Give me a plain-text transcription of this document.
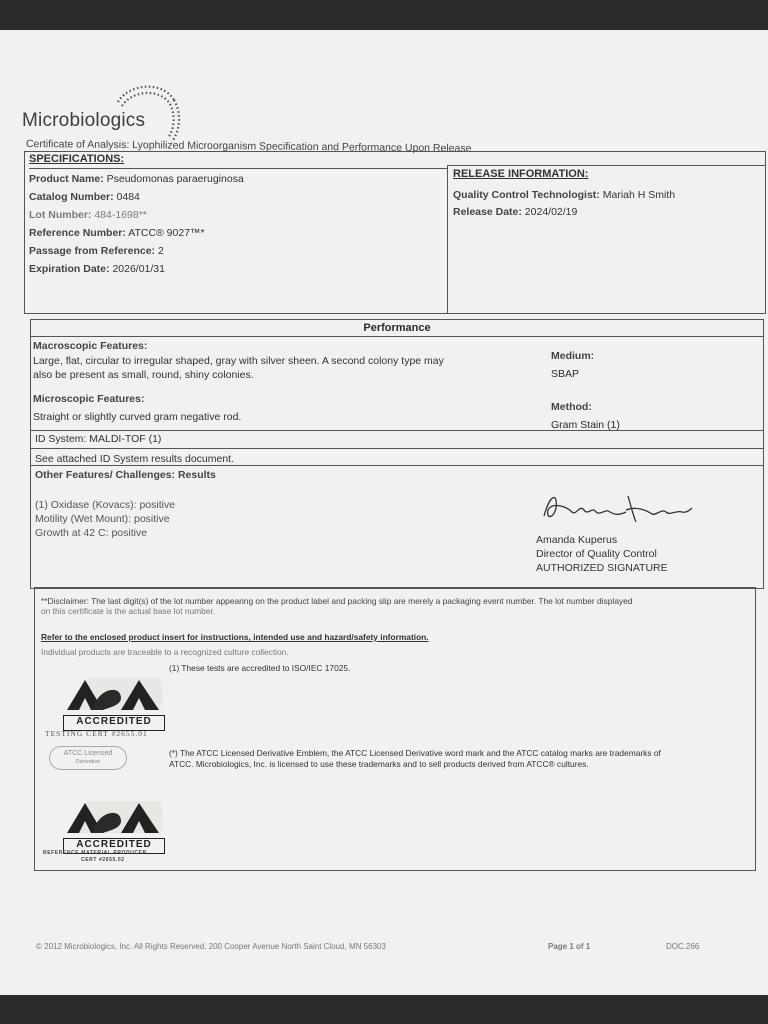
Microbiologics
Certificate of Analysis: Lyophilized Microorganism Specification and Performance Upon Release
SPECIFICATIONS:
Product Name: Pseudomonas paraeruginosa
Catalog Number: 0484
Lot Number: 484-1698**
Reference Number: ATCC® 9027™*
Passage from Reference: 2
Expiration Date: 2026/01/31
RELEASE INFORMATION:
Quality Control Technologist: Mariah H Smith
Release Date: 2024/02/19
Performance
Macroscopic Features:
Large, flat, circular to irregular shaped, gray with silver sheen. A second colony type may
also be present as small, round, shiny colonies.
Medium:
SBAP
Microscopic Features:
Straight or slightly curved gram negative rod.
Method:
Gram Stain (1)
ID System: MALDI-TOF (1)
See attached ID System results document.
Other Features/ Challenges: Results
(1) Oxidase (Kovacs): positive
Motility (Wet Mount): positive
Growth at 42 C: positive
Amanda Kuperus
Director of Quality Control
AUTHORIZED SIGNATURE
**Disclaimer: The last digit(s) of the lot number appearing on the product label and packing slip are merely a packaging event number. The lot number displayed
on this certificate is the actual base lot number.
Refer to the enclosed product insert for instructions, intended use and hazard/safety information.
Individual products are traceable to a recognized culture collection.
(1) These tests are accredited to ISO/IEC 17025.
ACCREDITED
TESTING CERT #2655.01
ATCC Licensed
Derivative
(*) The ATCC Licensed Derivative Emblem, the ATCC Licensed Derivative word mark and the ATCC catalog marks are trademarks of
ATCC. Microbiologics, Inc. is licensed to use these trademarks and to sell products derived from ATCC® cultures.
ACCREDITED
REFERENCE MATERIAL PRODUCER
CERT #2655.02
© 2012 Microbiologics, Inc. All Rights Reserved. 200 Cooper Avenue North Saint Cloud, MN 56303	Page 1 of 1	DOC.266
